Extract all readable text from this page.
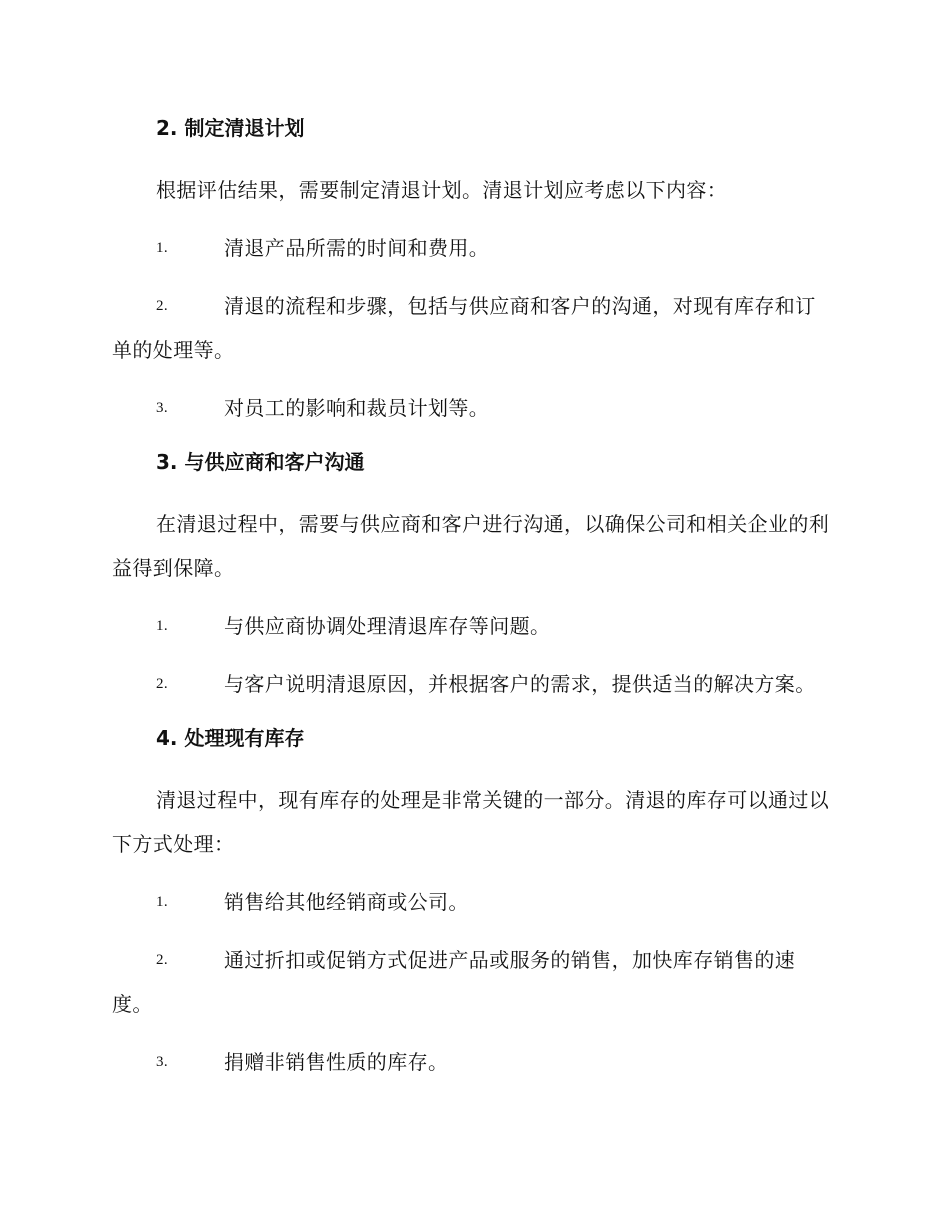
2. 制定清退计划
根据评估结果，需要制定清退计划。清退计划应考虑以下内容：
1.	清退产品所需的时间和费用。
2.	清退的流程和步骤，包括与供应商和客户的沟通，对现有库存和订单的处理等。
3.	对员工的影响和裁员计划等。
3. 与供应商和客户沟通
在清退过程中，需要与供应商和客户进行沟通，以确保公司和相关企业的利益得到保障。
1.	与供应商协调处理清退库存等问题。
2.	与客户说明清退原因，并根据客户的需求，提供适当的解决方案。
4. 处理现有库存
清退过程中，现有库存的处理是非常关键的一部分。清退的库存可以通过以下方式处理：
1.	销售给其他经销商或公司。
2.	通过折扣或促销方式促进产品或服务的销售，加快库存销售的速度。
3.	捐赠非销售性质的库存。
